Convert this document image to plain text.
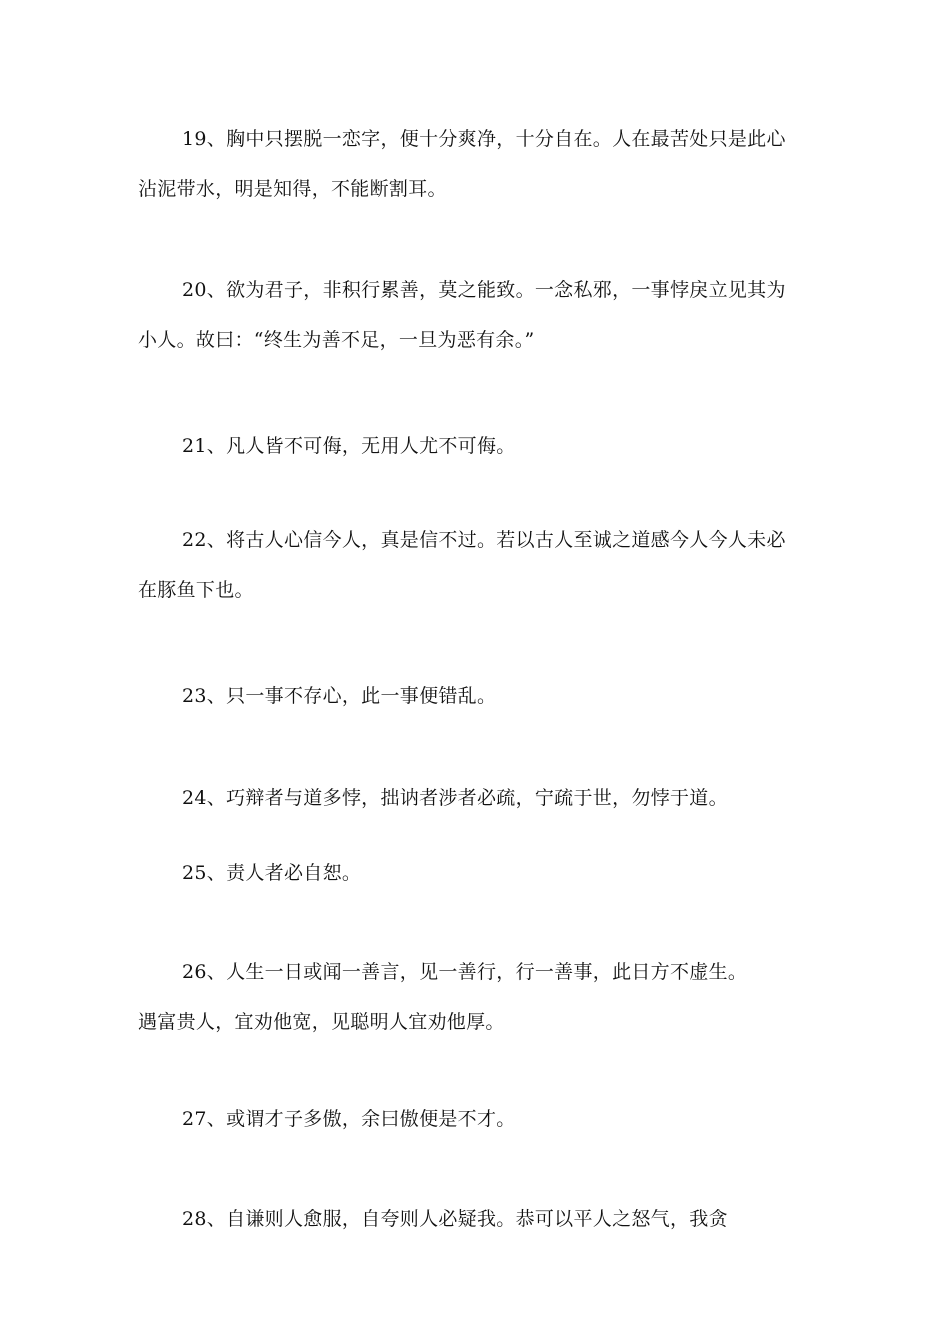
19、胸中只摆脱一恋字，便十分爽净，十分自在。人在最苦处只是此心
沾泥带水，明是知得，不能断割耳。
20、欲为君子，非积行累善，莫之能致。一念私邪，一事悖戾立见其为
小人。故曰：“终生为善不足，一旦为恶有余。”
21、凡人皆不可侮，无用人尤不可侮。
22、将古人心信今人，真是信不过。若以古人至诚之道感今人今人未必
在豚鱼下也。
23、只一事不存心，此一事便错乱。
24、巧辩者与道多悖，拙讷者涉者必疏，宁疏于世，勿悖于道。
25、责人者必自恕。
26、人生一日或闻一善言，见一善行，行一善事，此日方不虚生。
遇富贵人，宜劝他宽，见聪明人宜劝他厚。
27、或谓才子多傲，余曰傲便是不才。
28、自谦则人愈服，自夸则人必疑我。恭可以平人之怒气，我贪
